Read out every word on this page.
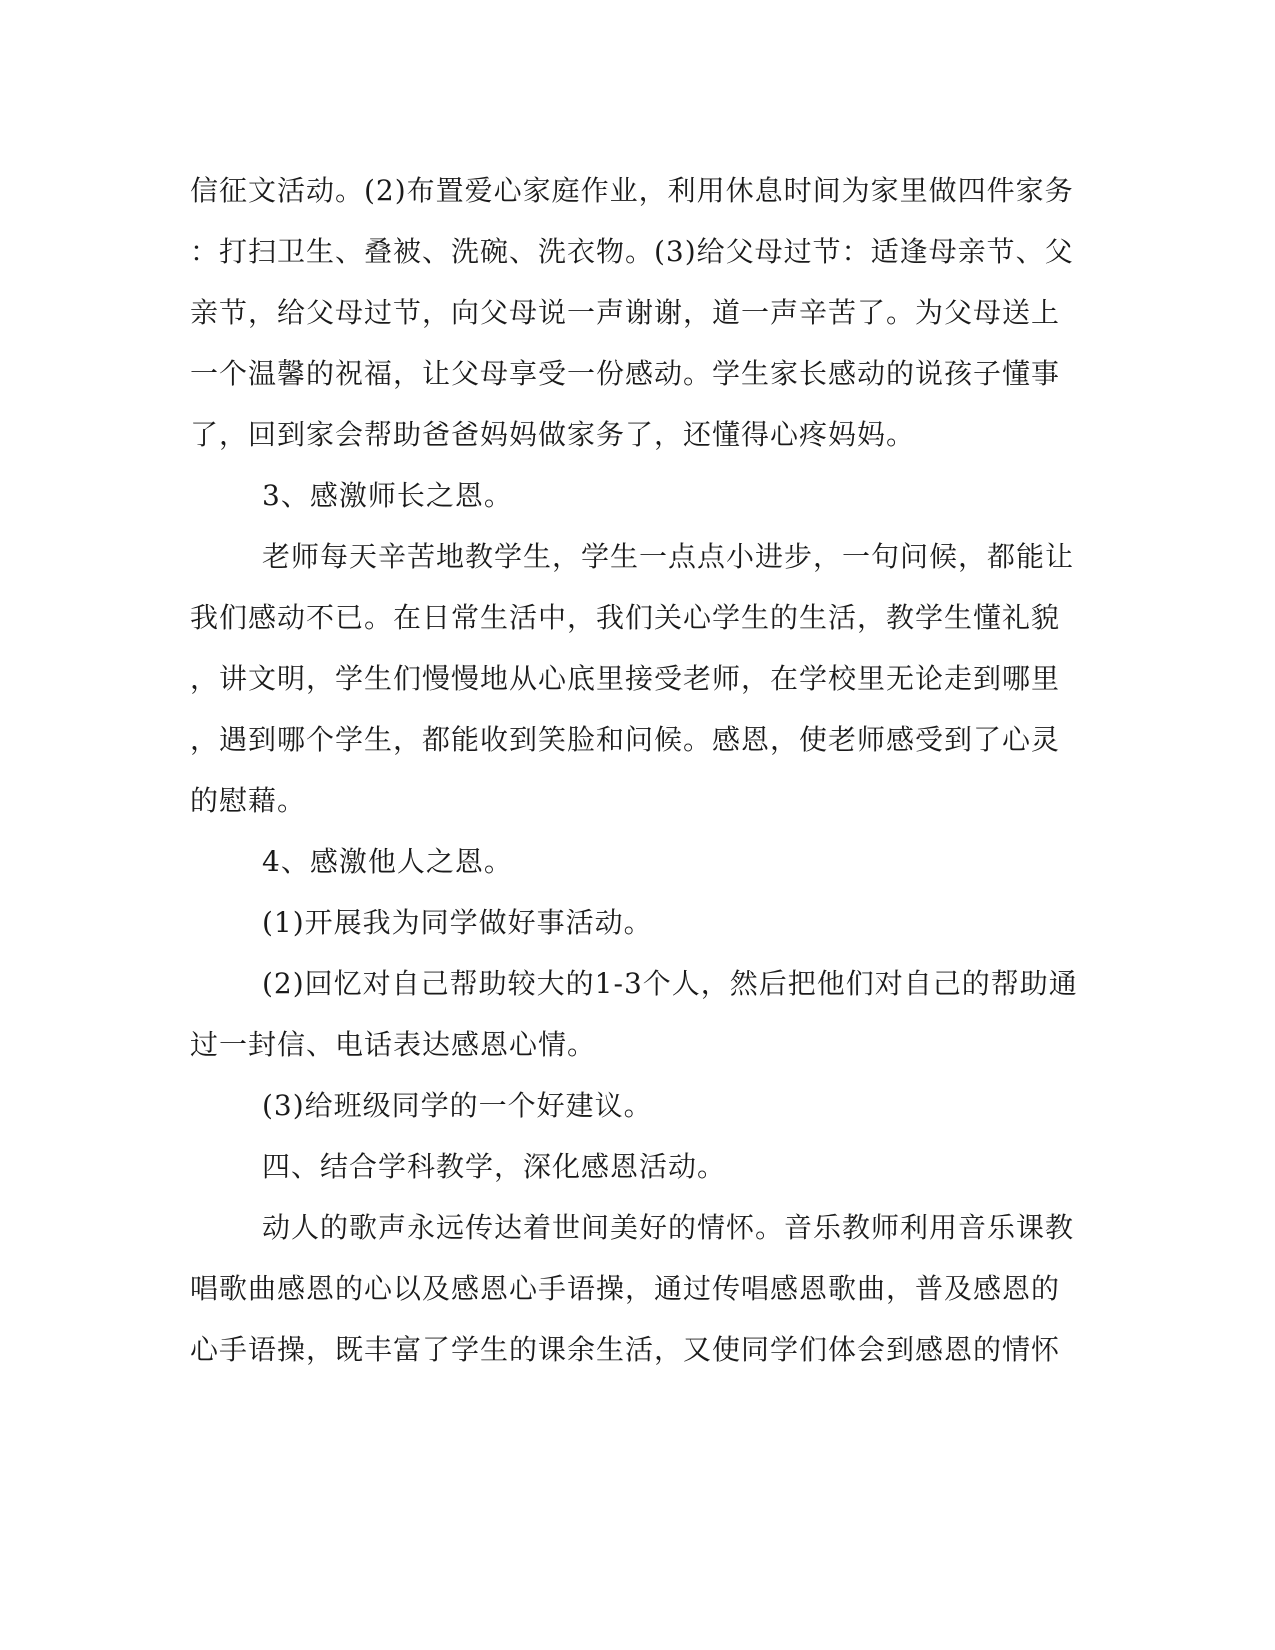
信征文活动。(2)布置爱心家庭作业，利用休息时间为家里做四件家务
：打扫卫生、叠被、洗碗、洗衣物。(3)给父母过节：适逢母亲节、父
亲节，给父母过节，向父母说一声谢谢，道一声辛苦了。为父母送上
一个温馨的祝福，让父母享受一份感动。学生家长感动的说孩子懂事
了，回到家会帮助爸爸妈妈做家务了，还懂得心疼妈妈。
3、感激师长之恩。
老师每天辛苦地教学生，学生一点点小进步，一句问候，都能让
我们感动不已。在日常生活中，我们关心学生的生活，教学生懂礼貌
，讲文明，学生们慢慢地从心底里接受老师，在学校里无论走到哪里
，遇到哪个学生，都能收到笑脸和问候。感恩，使老师感受到了心灵
的慰藉。
4、感激他人之恩。
(1)开展我为同学做好事活动。
(2)回忆对自己帮助较大的1-3个人，然后把他们对自己的帮助通
过一封信、电话表达感恩心情。
(3)给班级同学的一个好建议。
四、结合学科教学，深化感恩活动。
动人的歌声永远传达着世间美好的情怀。音乐教师利用音乐课教
唱歌曲感恩的心以及感恩心手语操，通过传唱感恩歌曲，普及感恩的
心手语操，既丰富了学生的课余生活，又使同学们体会到感恩的情怀
